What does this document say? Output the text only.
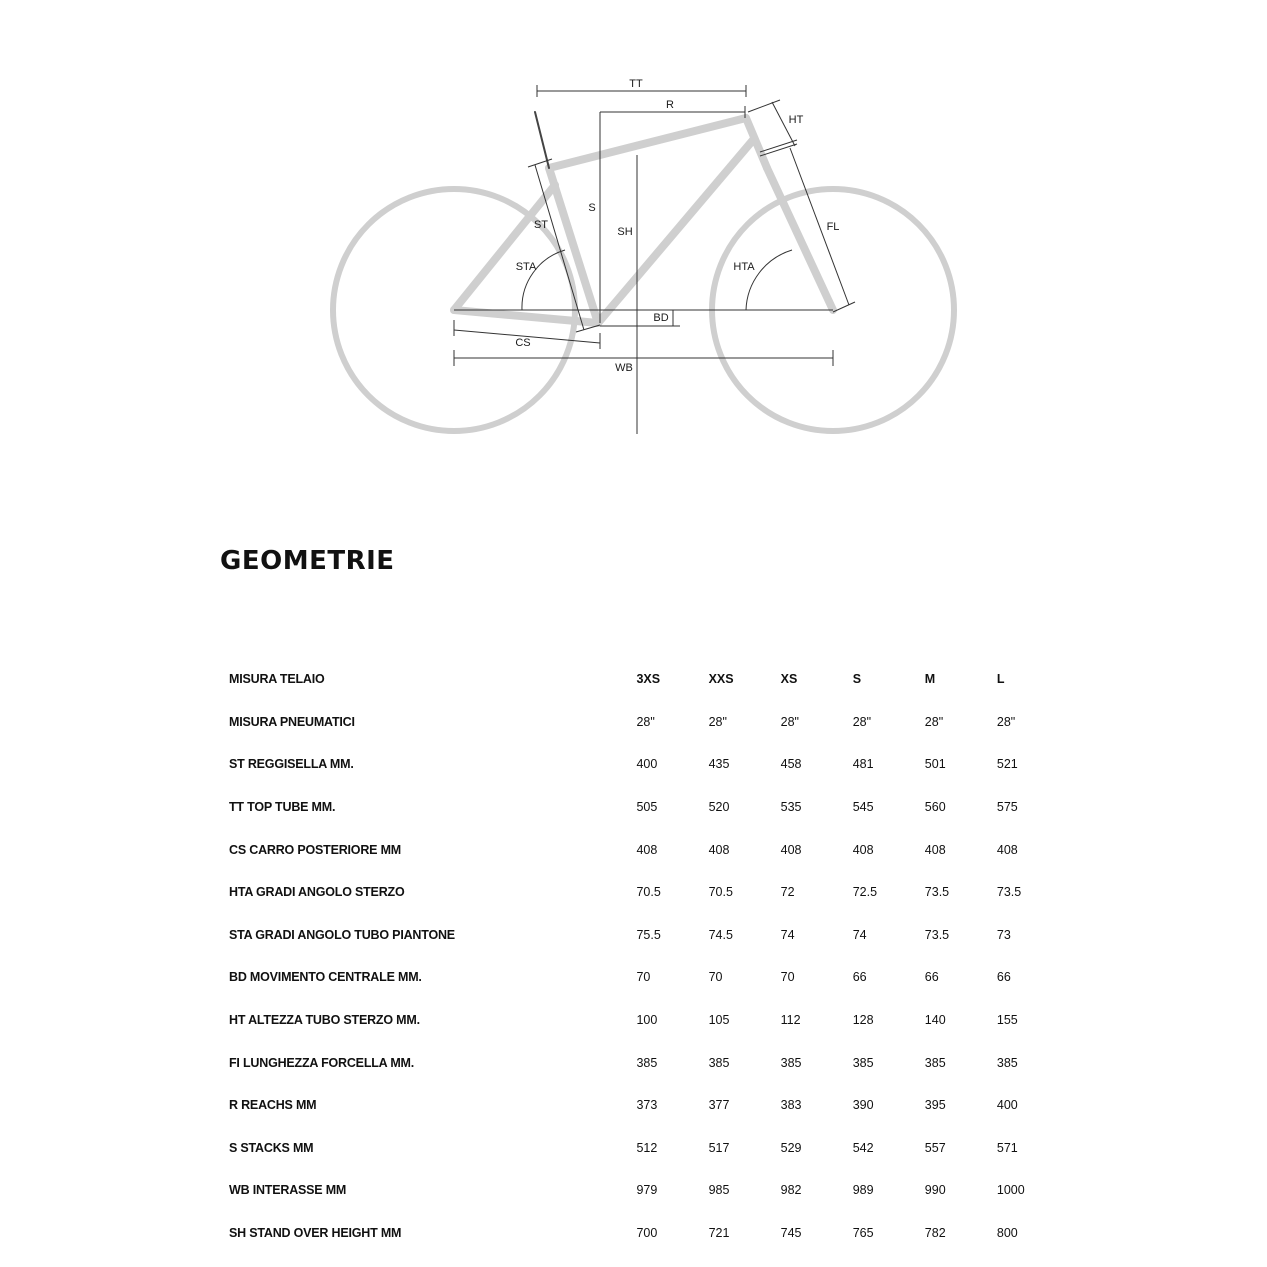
TT
R
HT
S
SH
ST
STA
FL
HTA
BD
CS
WB
GEOMETRIE
MISURA TELAIO	3XS	XXS	XS	S	M	L
MISURA PNEUMATICI	28"	28"	28"	28"	28"	28"
ST REGGISELLA MM.	400	435	458	481	501	521
TT TOP TUBE MM.	505	520	535	545	560	575
CS CARRO POSTERIORE MM	408	408	408	408	408	408
HTA GRADI ANGOLO STERZO	70.5	70.5	72	72.5	73.5	73.5
STA GRADI ANGOLO TUBO PIANTONE	75.5	74.5	74	74	73.5	73
BD MOVIMENTO CENTRALE MM.	70	70	70	66	66	66
HT ALTEZZA TUBO STERZO MM.	100	105	112	128	140	155
FI LUNGHEZZA FORCELLA MM.	385	385	385	385	385	385
R REACHS MM	373	377	383	390	395	400
S STACKS MM	512	517	529	542	557	571
WB INTERASSE MM	979	985	982	989	990	1000
SH STAND OVER HEIGHT MM	700	721	745	765	782	800
